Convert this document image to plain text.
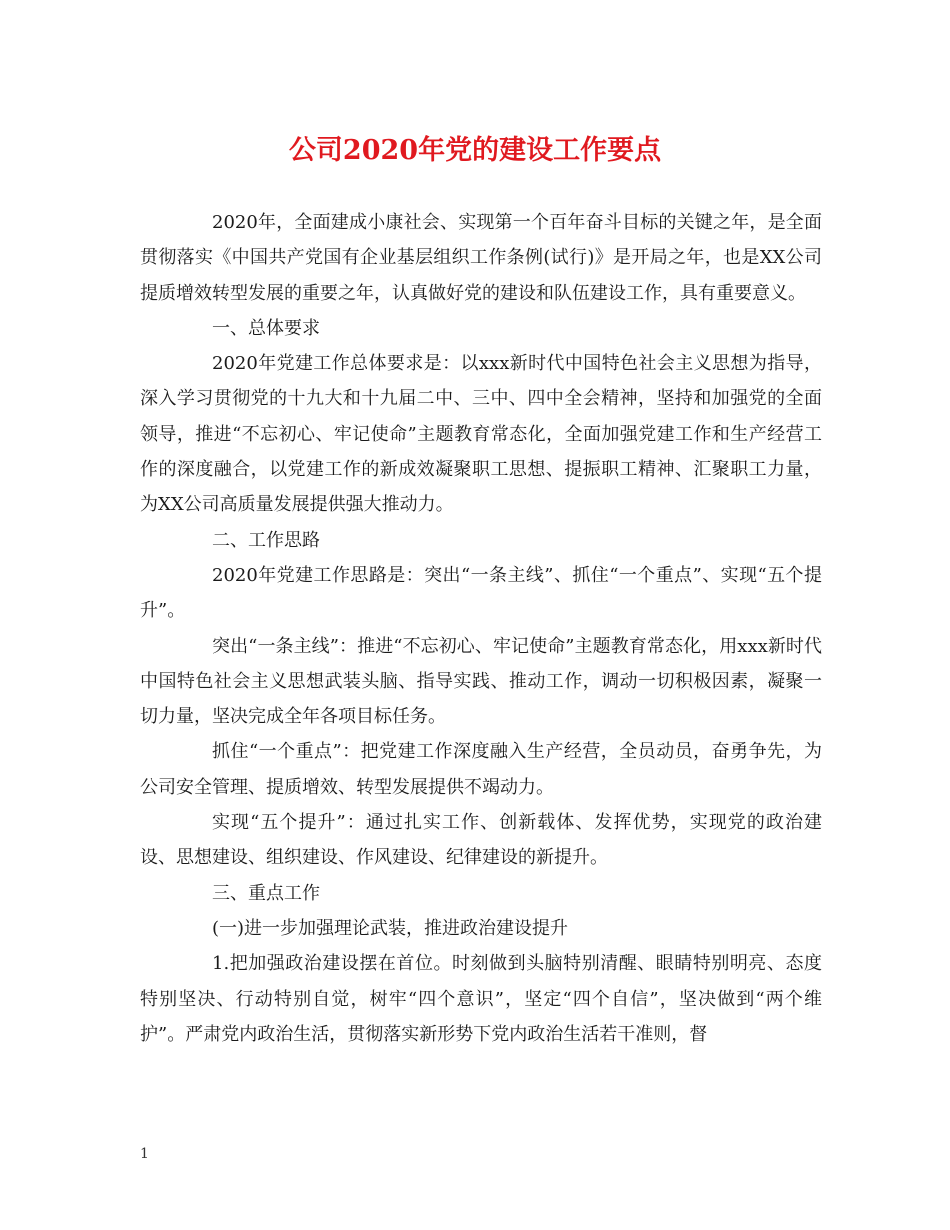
公司2020年党的建设工作要点

2020年，全面建成小康社会、实现第一个百年奋斗目标的关键之年，是全面贯彻落实《中国共产党国有企业基层组织工作条例(试行)》是开局之年，也是XX公司提质增效转型发展的重要之年，认真做好党的建设和队伍建设工作，具有重要意义。

一、总体要求

2020年党建工作总体要求是：以xxx新时代中国特色社会主义思想为指导，深入学习贯彻党的十九大和十九届二中、三中、四中全会精神，坚持和加强党的全面领导，推进“不忘初心、牢记使命”主题教育常态化，全面加强党建工作和生产经营工作的深度融合，以党建工作的新成效凝聚职工思想、提振职工精神、汇聚职工力量，为XX公司高质量发展提供强大推动力。

二、工作思路

2020年党建工作思路是：突出“一条主线”、抓住“一个重点”、实现“五个提升”。

突出“一条主线”：推进“不忘初心、牢记使命”主题教育常态化，用xxx新时代中国特色社会主义思想武装头脑、指导实践、推动工作，调动一切积极因素，凝聚一切力量，坚决完成全年各项目标任务。

抓住“一个重点”：把党建工作深度融入生产经营，全员动员，奋勇争先，为公司安全管理、提质增效、转型发展提供不竭动力。

实现“五个提升”：通过扎实工作、创新载体、发挥优势，实现党的政治建设、思想建设、组织建设、作风建设、纪律建设的新提升。

三、重点工作

(一)进一步加强理论武装，推进政治建设提升

1.把加强政治建设摆在首位。时刻做到头脑特别清醒、眼睛特别明亮、态度特别坚决、行动特别自觉，树牢“四个意识”，坚定“四个自信”，坚决做到“两个维护”。严肃党内政治生活，贯彻落实新形势下党内政治生活若干准则，督

1
